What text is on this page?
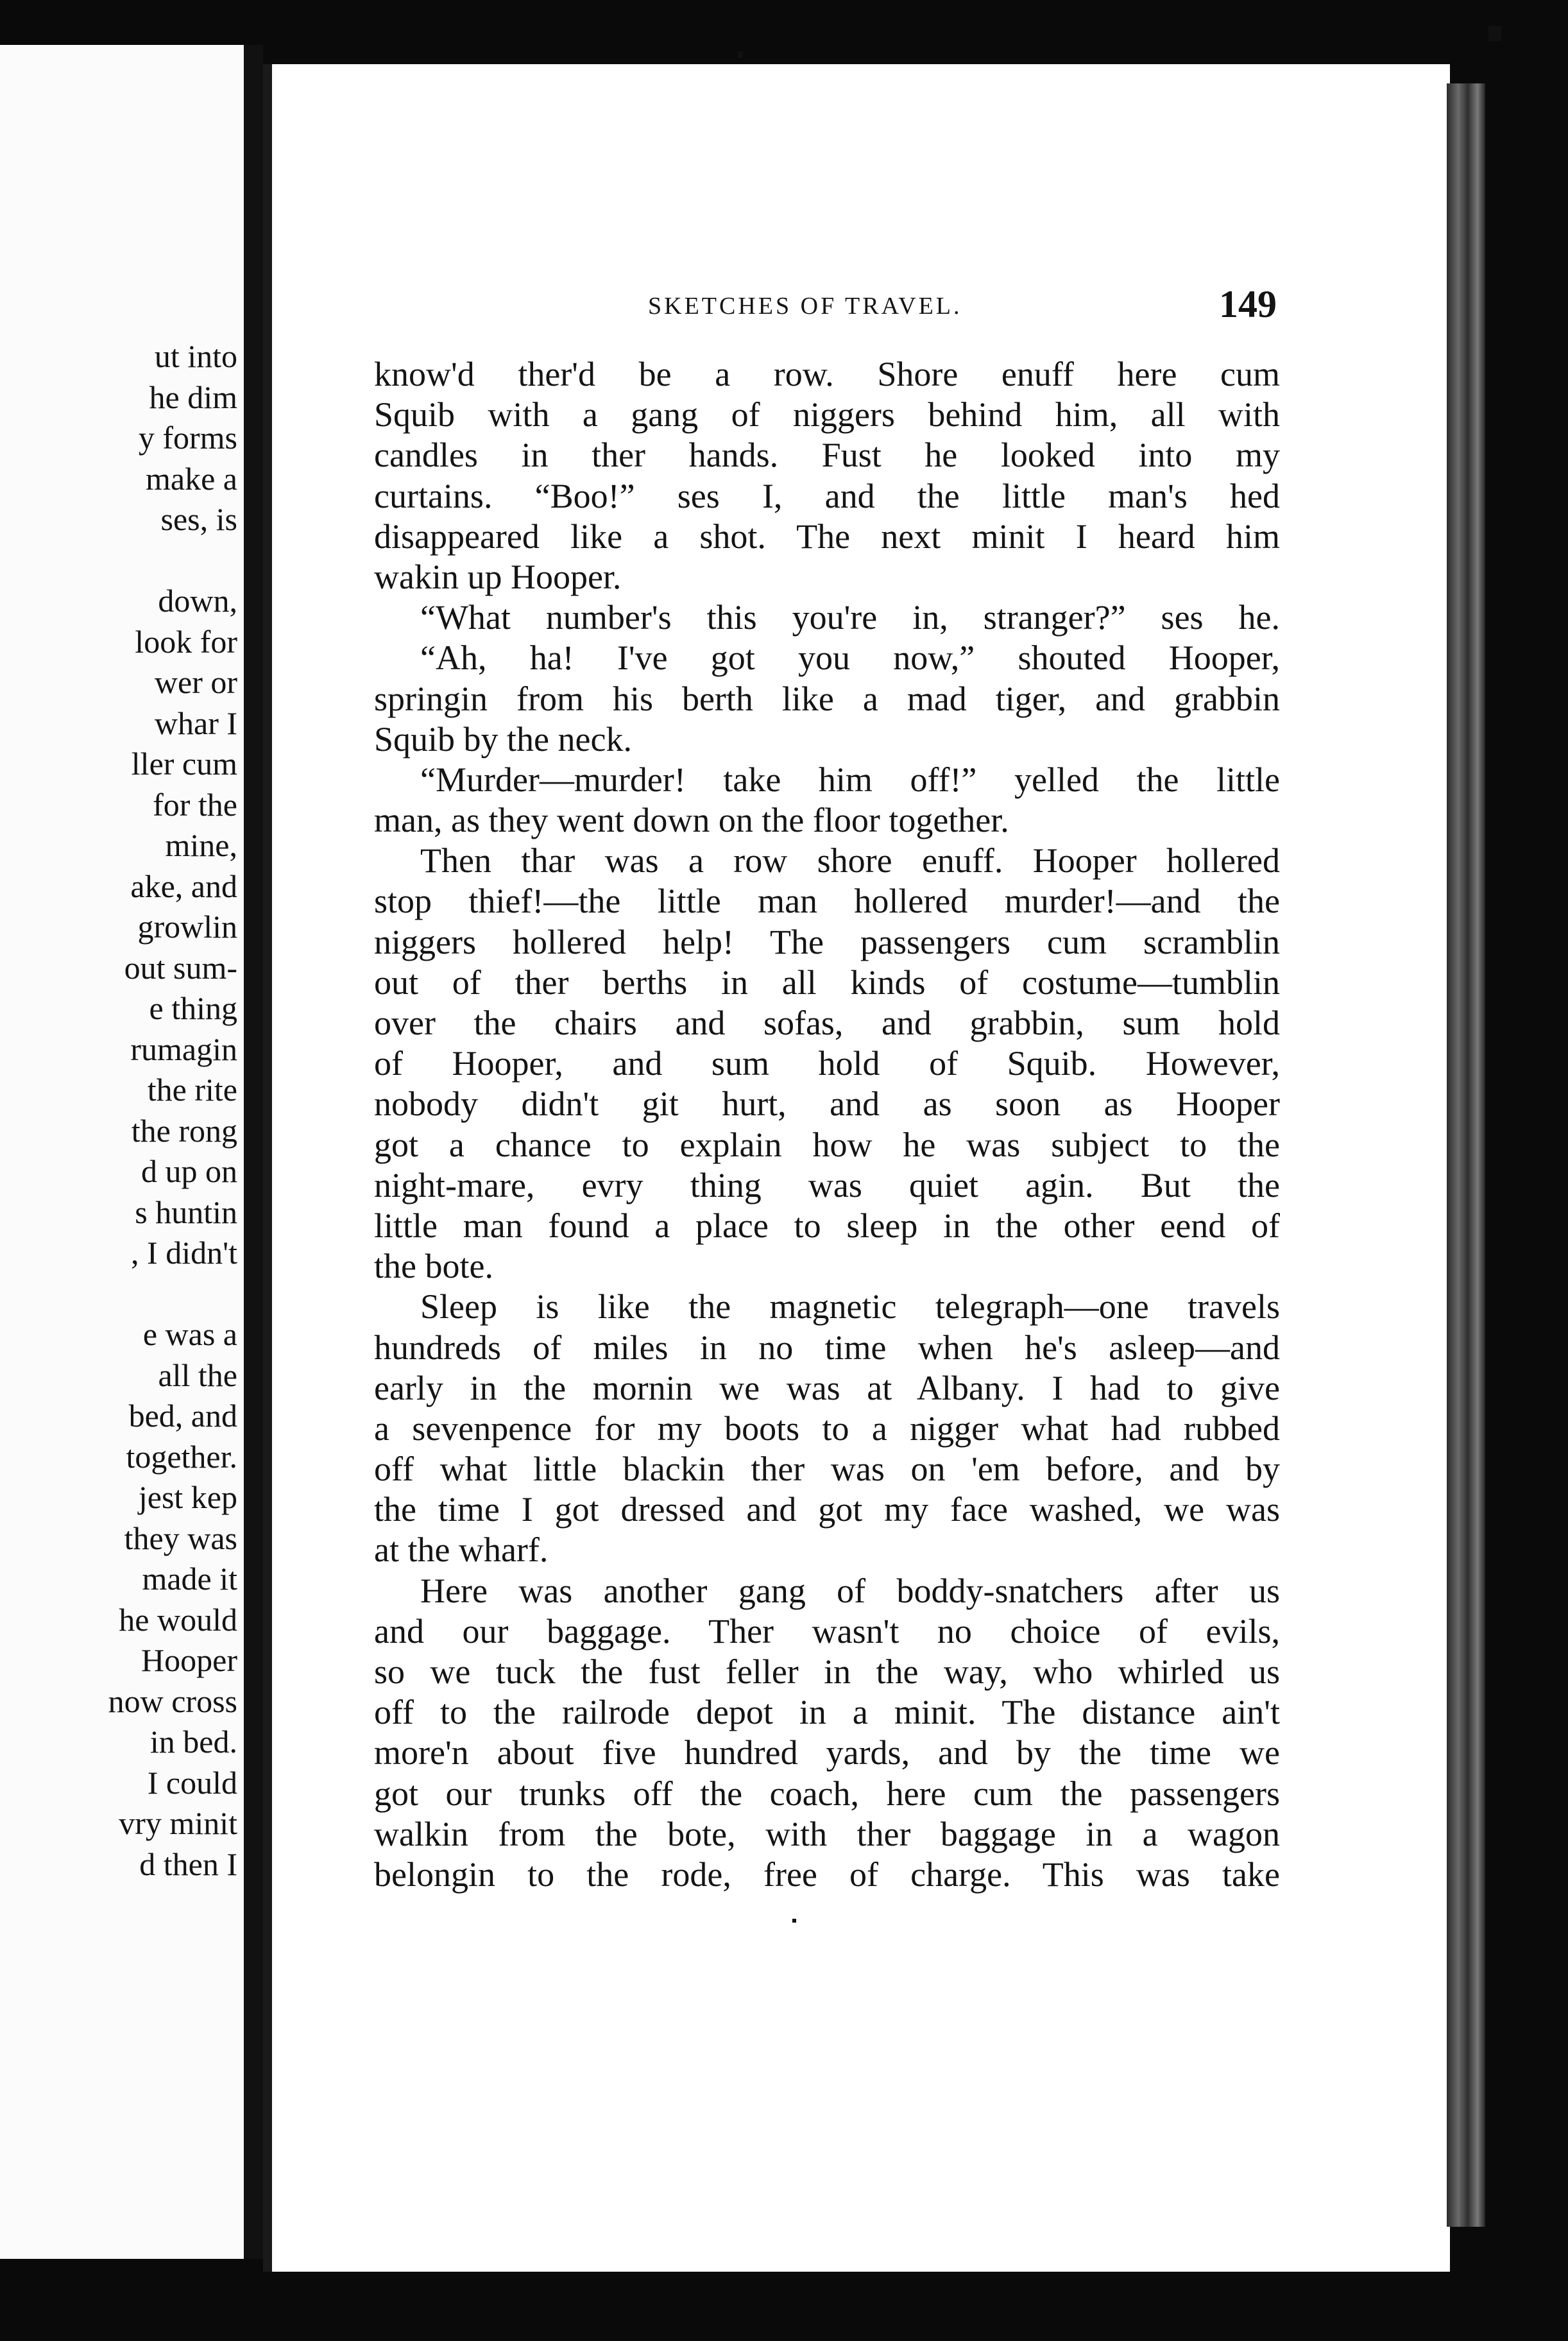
ut into
he dim
y forms
make a
ses, is
down,
look for
wer or
whar I
ller cum
for the
mine,
ake, and
growlin
out sum-
e thing
rumagin
the rite
the rong
d up on
s huntin
, I didn't
e was a
all the
bed, and
together.
jest kep
they was
made it
he would
Hooper
now cross
in bed.
I could
vry minit
d then I
SKETCHES OF TRAVEL.	149
know'd ther'd be a row. Shore enuff here cum
Squib with a gang of niggers behind him, all with
candles in ther hands. Fust he looked into my
curtains. “Boo!” ses I, and the little man's hed
disappeared like a shot. The next minit I heard him
wakin up Hooper.
“What number's this you're in, stranger?” ses he.
“Ah, ha! I've got you now,” shouted Hooper,
springin from his berth like a mad tiger, and grabbin
Squib by the neck.
“Murder—murder! take him off!” yelled the little
man, as they went down on the floor together.
Then thar was a row shore enuff. Hooper hollered
stop thief!—the little man hollered murder!—and the
niggers hollered help! The passengers cum scramblin
out of ther berths in all kinds of costume—tumblin
over the chairs and sofas, and grabbin, sum hold
of Hooper, and sum hold of Squib. However,
nobody didn't git hurt, and as soon as Hooper
got a chance to explain how he was subject to the
night-mare, evry thing was quiet agin. But the
little man found a place to sleep in the other eend of
the bote.
Sleep is like the magnetic telegraph—one travels
hundreds of miles in no time when he's asleep—and
early in the mornin we was at Albany. I had to give
a sevenpence for my boots to a nigger what had rubbed
off what little blackin ther was on 'em before, and by
the time I got dressed and got my face washed, we was
at the wharf.
Here was another gang of boddy-snatchers after us
and our baggage. Ther wasn't no choice of evils,
so we tuck the fust feller in the way, who whirled us
off to the railrode depot in a minit. The distance ain't
more'n about five hundred yards, and by the time we
got our trunks off the coach, here cum the passengers
walkin from the bote, with ther baggage in a wagon
belongin to the rode, free of charge. This was take
